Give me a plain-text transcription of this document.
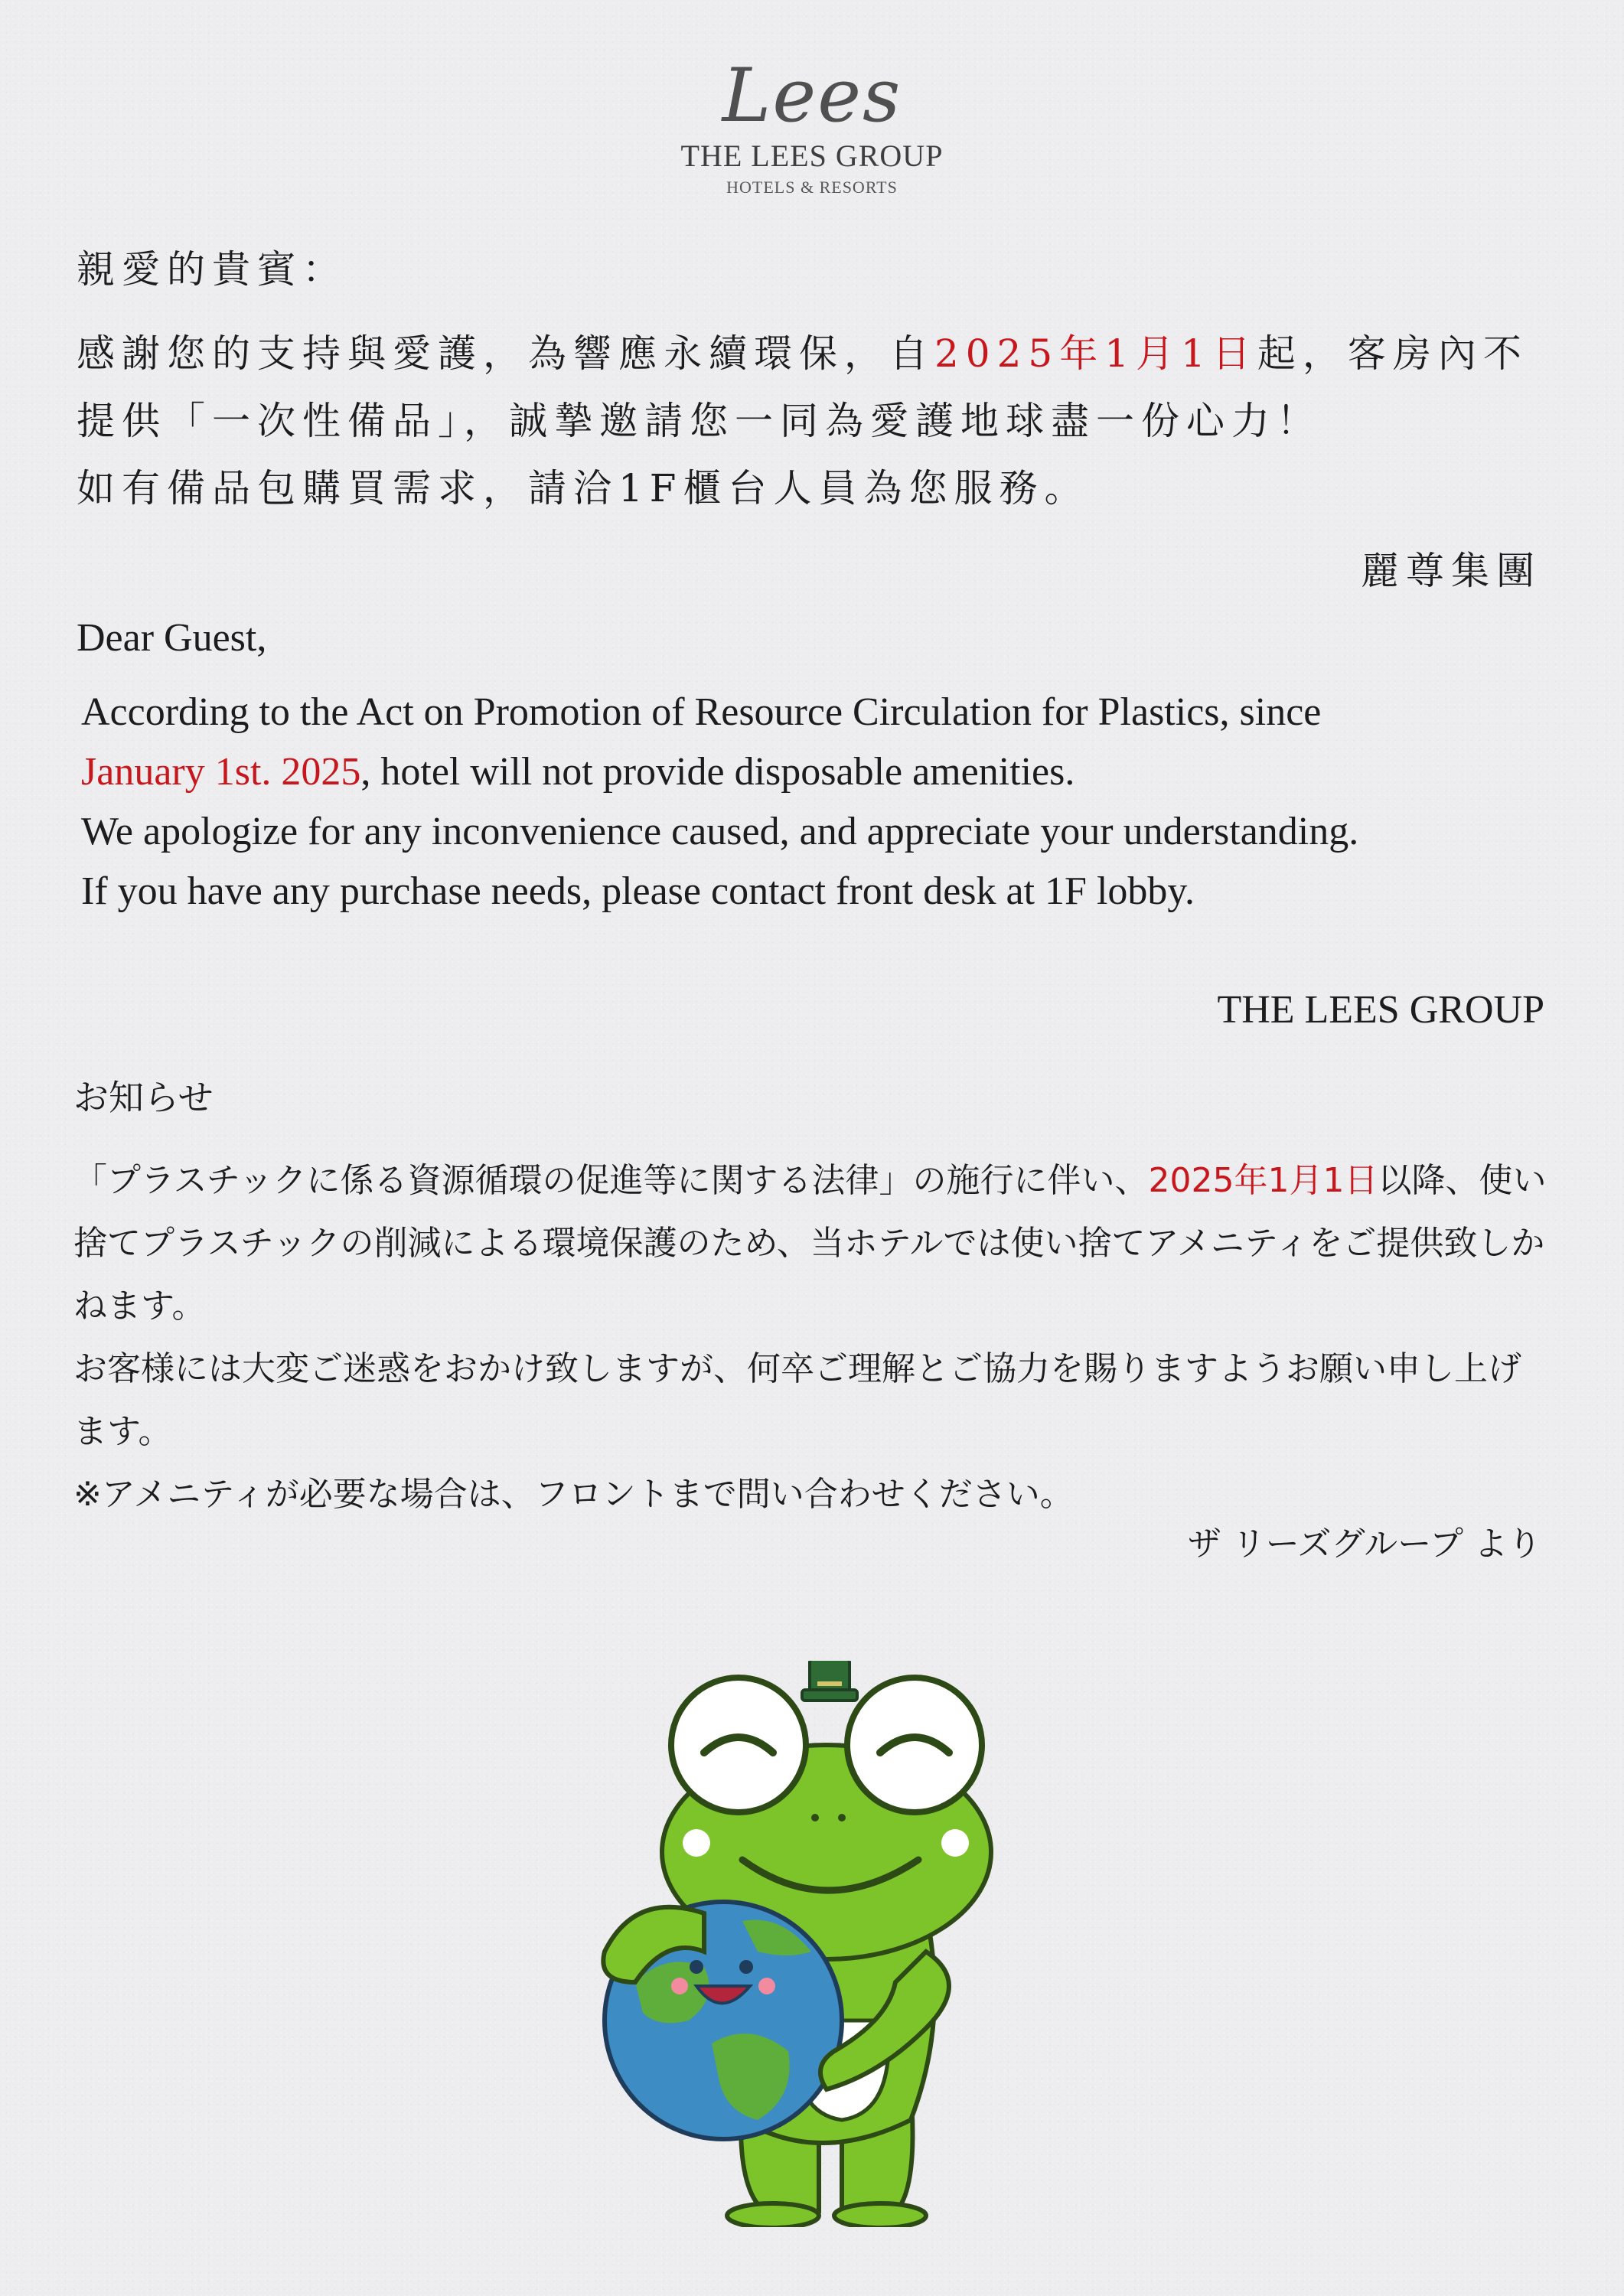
Lees
THE LEES GROUP
HOTELS & RESORTS
親愛的貴賓：

感謝您的支持與愛護，為響應永續環保，自2025年1月1日起，客房內不提供「一次性備品」，誠摯邀請您一同為愛護地球盡一份心力！

如有備品包購買需求，請洽1F櫃台人員為您服務。

麗尊集團
Dear Guest,

According to the Act on Promotion of Resource Circulation for Plastics, since

January 1st. 2025, hotel will not provide disposable amenities.

We apologize for any inconvenience caused, and appreciate your understanding.

If you have any purchase needs, please contact front desk at 1F lobby.

THE LEES GROUP
お知らせ

「プラスチックに係る資源循環の促進等に関する法律」の施行に伴い、2025年1月1日以降、使い捨てプラスチックの削減による環境保護のため、当ホテルでは使い捨てアメニティをご提供致しかねます。

お客様には大変ご迷惑をおかけ致しますが、何卒ご理解とご協力を賜りますようお願い申し上げます。

※アメニティが必要な場合は、フロントまで問い合わせください。

ザ リーズグループ より
